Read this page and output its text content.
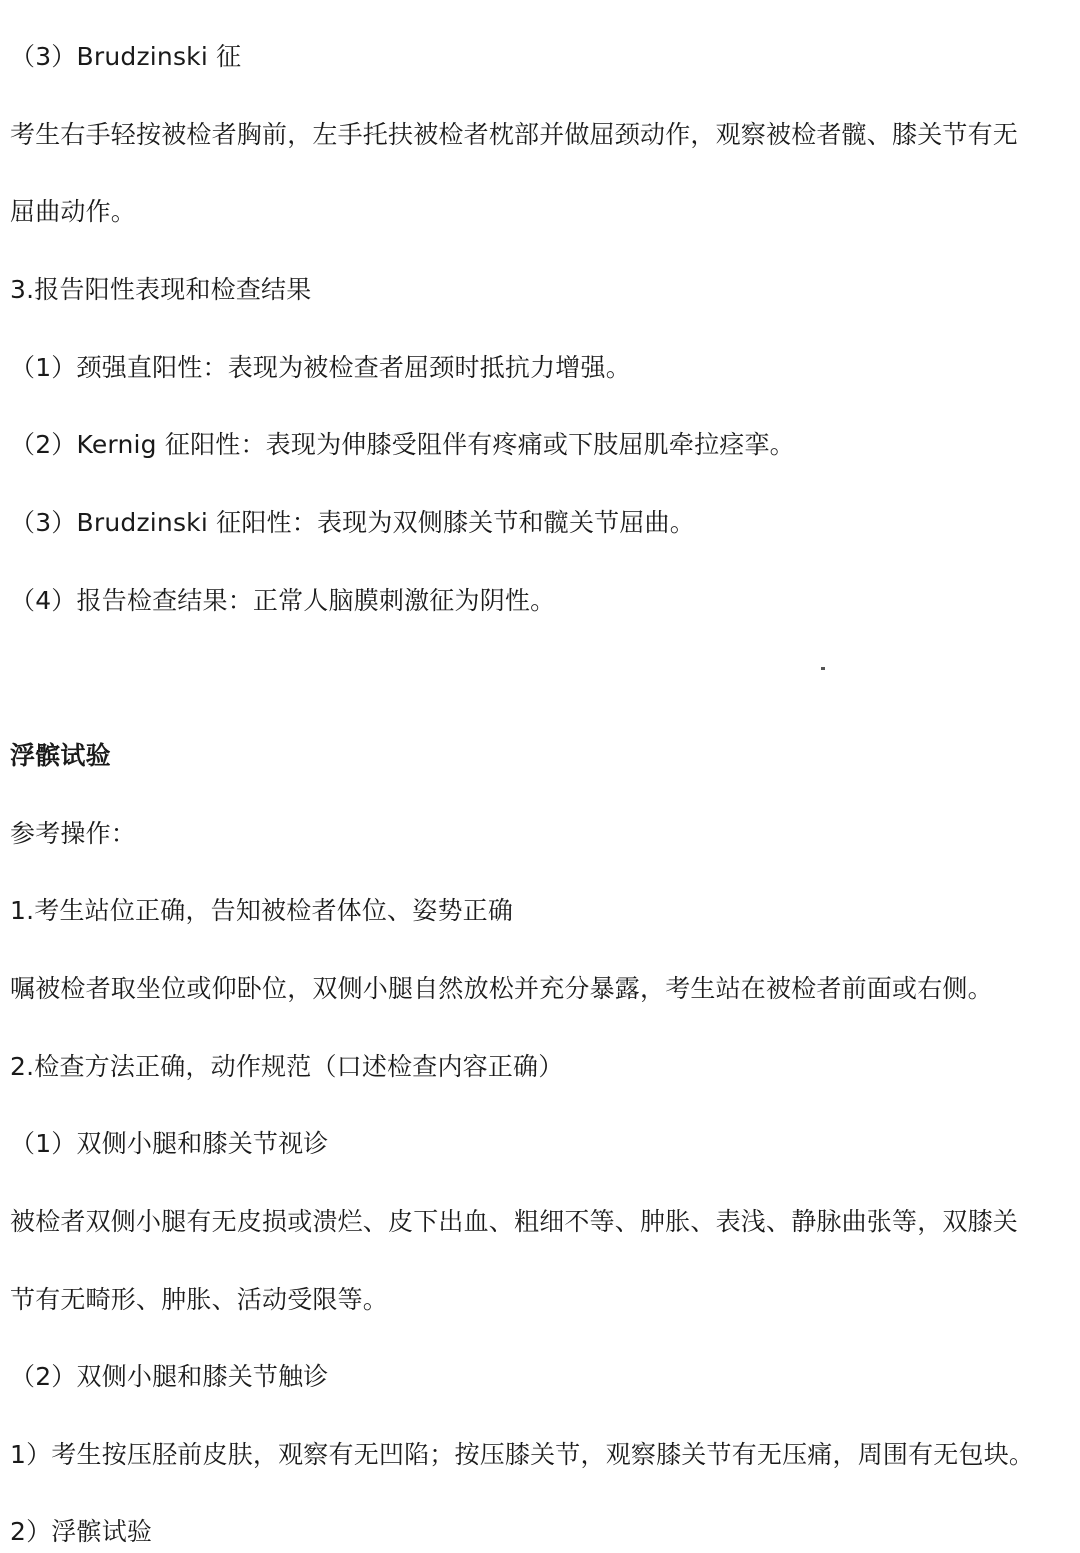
（3）Brudzinski 征
考生右手轻按被检者胸前，左手托扶被检者枕部并做屈颈动作，观察被检者髋、膝关节有无
屈曲动作。
3.报告阳性表现和检查结果
（1）颈强直阳性：表现为被检查者屈颈时抵抗力增强。
（2）Kernig 征阳性：表现为伸膝受阻伴有疼痛或下肢屈肌牵拉痉挛。
（3）Brudzinski 征阳性：表现为双侧膝关节和髋关节屈曲。
（4）报告检查结果：正常人脑膜刺激征为阴性。
浮髌试验
参考操作：
1.考生站位正确，告知被检者体位、姿势正确
嘱被检者取坐位或仰卧位，双侧小腿自然放松并充分暴露，考生站在被检者前面或右侧。
2.检查方法正确，动作规范（口述检查内容正确）
（1）双侧小腿和膝关节视诊
被检者双侧小腿有无皮损或溃烂、皮下出血、粗细不等、肿胀、表浅、静脉曲张等，双膝关
节有无畸形、肿胀、活动受限等。
（2）双侧小腿和膝关节触诊
1）考生按压胫前皮肤，观察有无凹陷；按压膝关节，观察膝关节有无压痛，周围有无包块。
2）浮髌试验
